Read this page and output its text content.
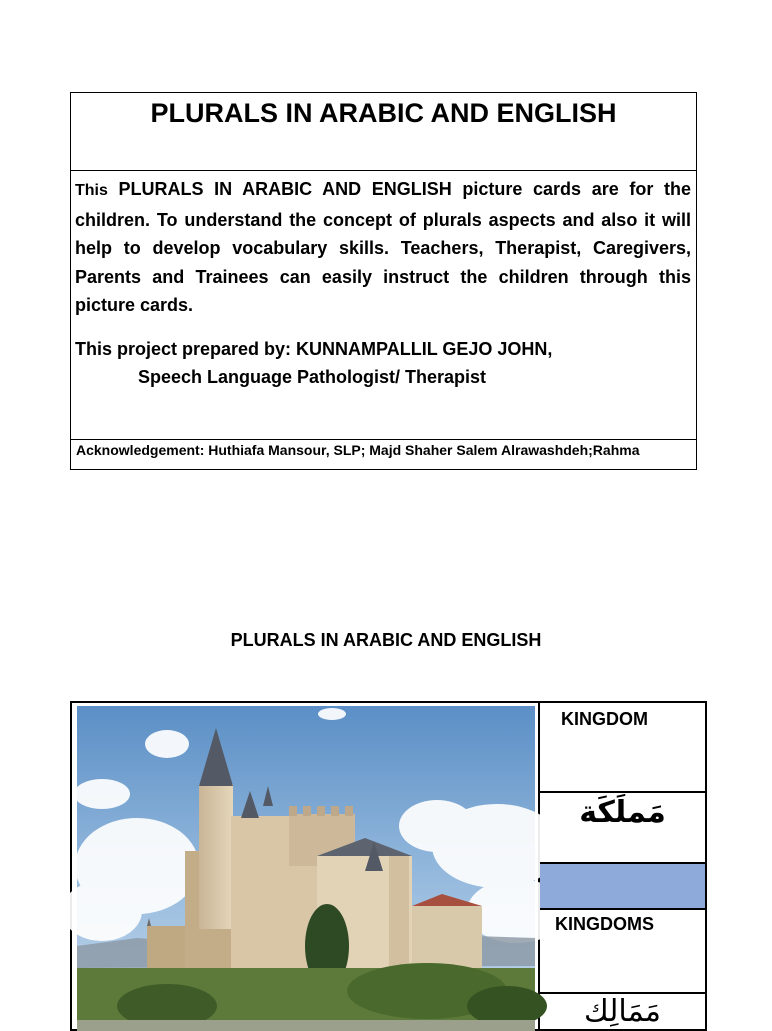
PLURALS IN ARABIC AND ENGLISH

This PLURALS IN ARABIC AND ENGLISH picture cards are for the children. To understand the concept of plurals aspects and also it will help to develop vocabulary skills. Teachers, Therapist, Caregivers, Parents and Trainees can easily instruct the children through this picture cards.

This project prepared by: KUNNAMPALLIL GEJO JOHN,
Speech Language Pathologist/ Therapist
Acknowledgement: Huthiafa Mansour, SLP; Majd Shaher Salem Alrawashdeh;Rahma
PLURALS IN ARABIC AND ENGLISH
KINGDOM
مَملَكَة
KINGDOMS
مَمَالِك
